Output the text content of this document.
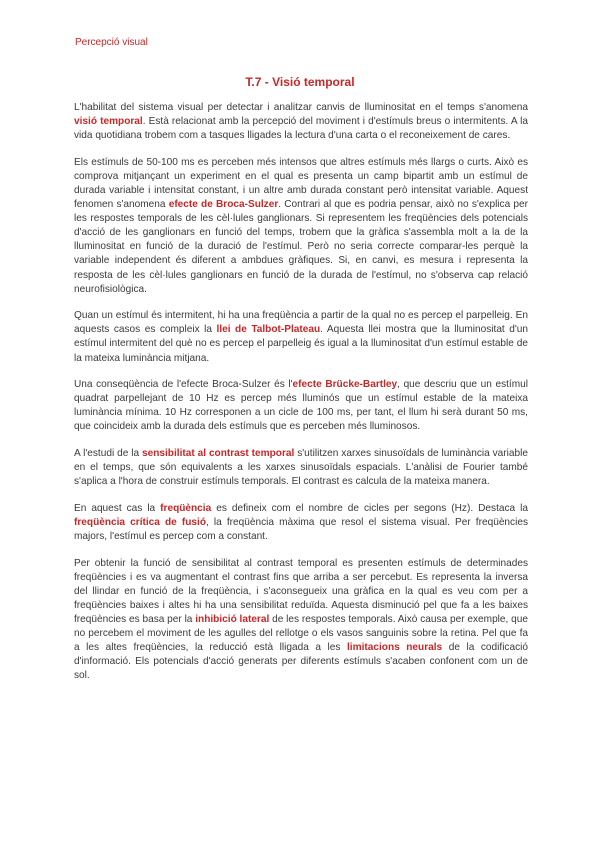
Percepció visual
T.7 - Visió temporal

L'habilitat del sistema visual per detectar i analitzar canvis de lluminositat en el temps s'anomena visió temporal. Està relacionat amb la percepció del moviment i d'estímuls breus o intermitents. A la vida quotidiana trobem com a tasques lligades la lectura d'una carta o el reconeixement de cares.

Els estímuls de 50-100 ms es perceben més intensos que altres estímuls més llargs o curts. Això es comprova mitjançant un experiment en el qual es presenta un camp bipartit amb un estímul de durada variable i intensitat constant, i un altre amb durada constant però intensitat variable. Aquest fenomen s'anomena efecte de Broca-Sulzer. Contrari al que es podria pensar, això no s'explica per les respostes temporals de les cèl·lules ganglionars. Si representem les freqüències dels potencials d'acció de les ganglionars en funció del temps, trobem que la gràfica s'assembla molt a la de la lluminositat en funció de la duració de l'estímul. Però no seria correcte comparar-les perquè la variable independent és diferent a ambdues gràfiques. Si, en canvi, es mesura i representa la resposta de les cèl·lules ganglionars en funció de la durada de l'estímul, no s'observa cap relació neurofisiològica.

Quan un estímul és intermitent, hi ha una freqüència a partir de la qual no es percep el parpelleig. En aquests casos es compleix la llei de Talbot-Plateau. Aquesta llei mostra que la lluminositat d'un estímul intermitent del què no es percep el parpelleig és igual a la lluminositat d'un estímul estable de la mateixa luminància mitjana.

Una conseqüència de l'efecte Broca-Sulzer és l'efecte Brücke-Bartley, que descriu que un estímul quadrat parpellejant de 10 Hz es percep més lluminós que un estímul estable de la mateixa luminància mínima. 10 Hz corresponen a un cicle de 100 ms, per tant, el llum hi serà durant 50 ms, que coincideix amb la durada dels estímuls que es perceben més lluminosos.

A l'estudi de la sensibilitat al contrast temporal s'utilitzen xarxes sinusoïdals de luminància variable en el temps, que són equivalents a les xarxes sinusoïdals espacials. L'anàlisi de Fourier també s'aplica a l'hora de construir estímuls temporals. El contrast es calcula de la mateixa manera.

En aquest cas la freqüència es defineix com el nombre de cicles per segons (Hz). Destaca la freqüència crítica de fusió, la freqüència màxima que resol el sistema visual. Per freqüències majors, l'estímul es percep com a constant.

Per obtenir la funció de sensibilitat al contrast temporal es presenten estímuls de determinades freqüències i es va augmentant el contrast fins que arriba a ser percebut. Es representa la inversa del llindar en funció de la freqüència, i s'aconsegueix una gràfica en la qual es veu com per a freqüències baixes i altes hi ha una sensibilitat reduïda. Aquesta disminució pel que fa a les baixes freqüències es basa per la inhibició lateral de les respostes temporals. Això causa per exemple, que no percebem el moviment de les agulles del rellotge o els vasos sanguinis sobre la retina. Pel que fa a les altes freqüències, la reducció està lligada a les limitacions neurals de la codificació d'informació. Els potencials d'acció generats per diferents estímuls s'acaben confonent com un de sol.
